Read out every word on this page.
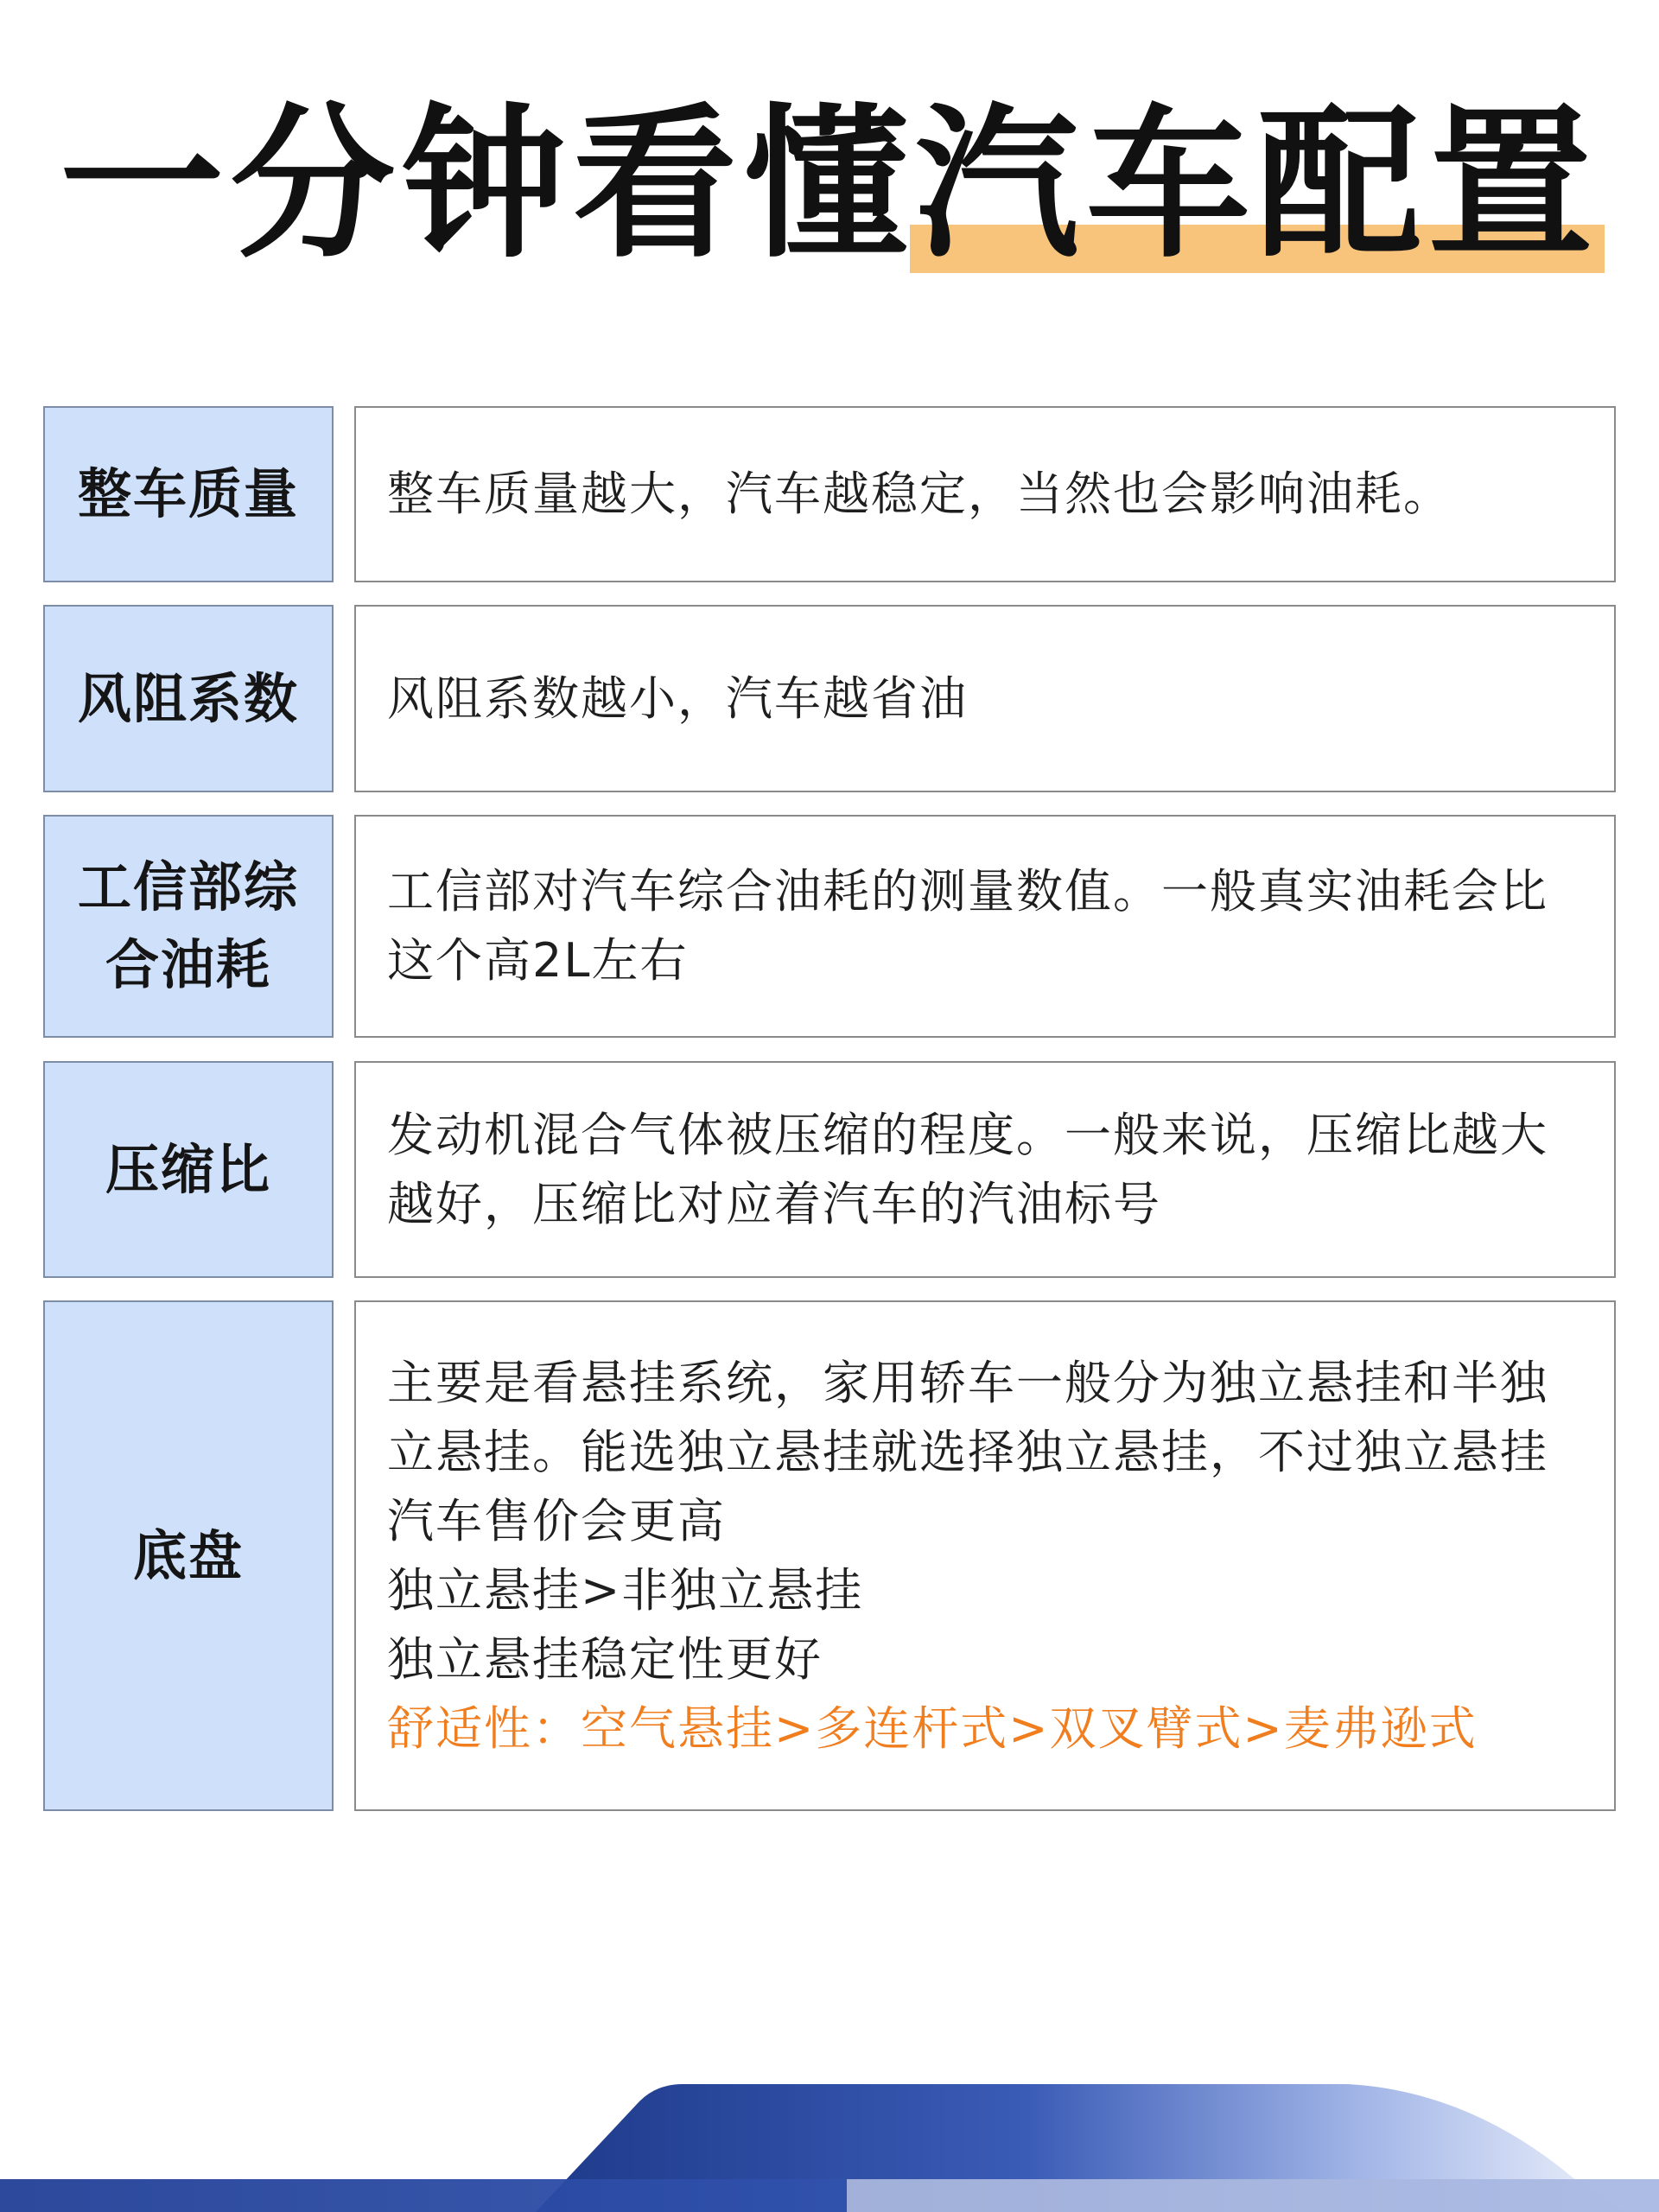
一分钟看懂汽车配置
整车质量	整车质量越大，汽车越稳定，当然也会影响油耗。
风阻系数	风阻系数越小，汽车越省油
工信部综合油耗
工信部对汽车综合油耗的测量数值。一般真实油耗会比
这个高2L左右
压缩比
发动机混合气体被压缩的程度。一般来说，压缩比越大
越好，压缩比对应着汽车的汽油标号
底盘
主要是看悬挂系统，家用轿车一般分为独立悬挂和半独
立悬挂。能选独立悬挂就选择独立悬挂，不过独立悬挂
汽车售价会更高
独立悬挂>非独立悬挂
独立悬挂稳定性更好
舒适性：空气悬挂>多连杆式>双叉臂式>麦弗逊式
